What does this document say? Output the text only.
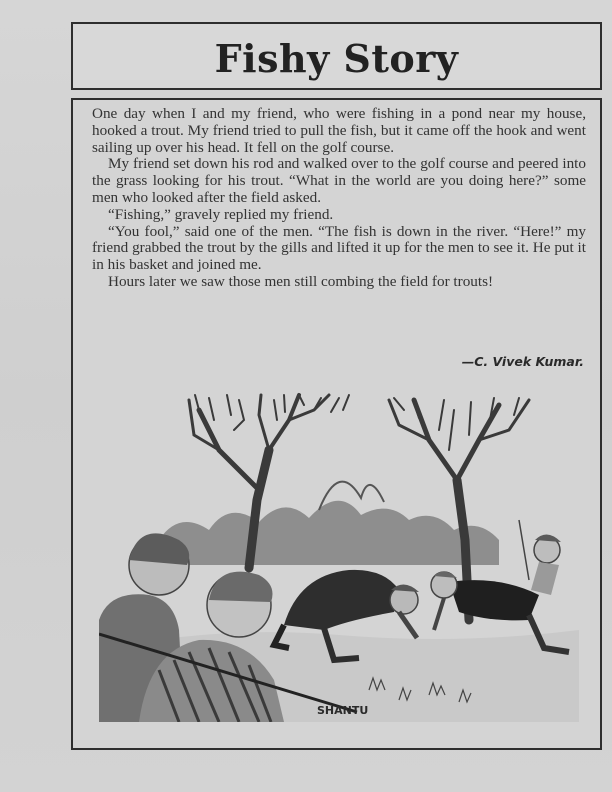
Fishy Story

One day when I and my friend, who were fishing in a pond near my house, hooked a trout. My friend tried to pull the fish, but it came off the hook and went sailing up over his head. It fell on the golf course.

My friend set down his rod and walked over to the golf course and peered into the grass looking for his trout. “What in the world are you doing here?” some men who looked after the field asked.

“Fishing,” gravely replied my friend.

“You fool,” said one of the men. “The fish is down in the river. “Here!” my friend grabbed the trout by the gills and lifted it up for the men to see it. He put it in his basket and joined me.

Hours later we saw those men still combing the field for trouts!

—C. Vivek Kumar.
SHANTU
